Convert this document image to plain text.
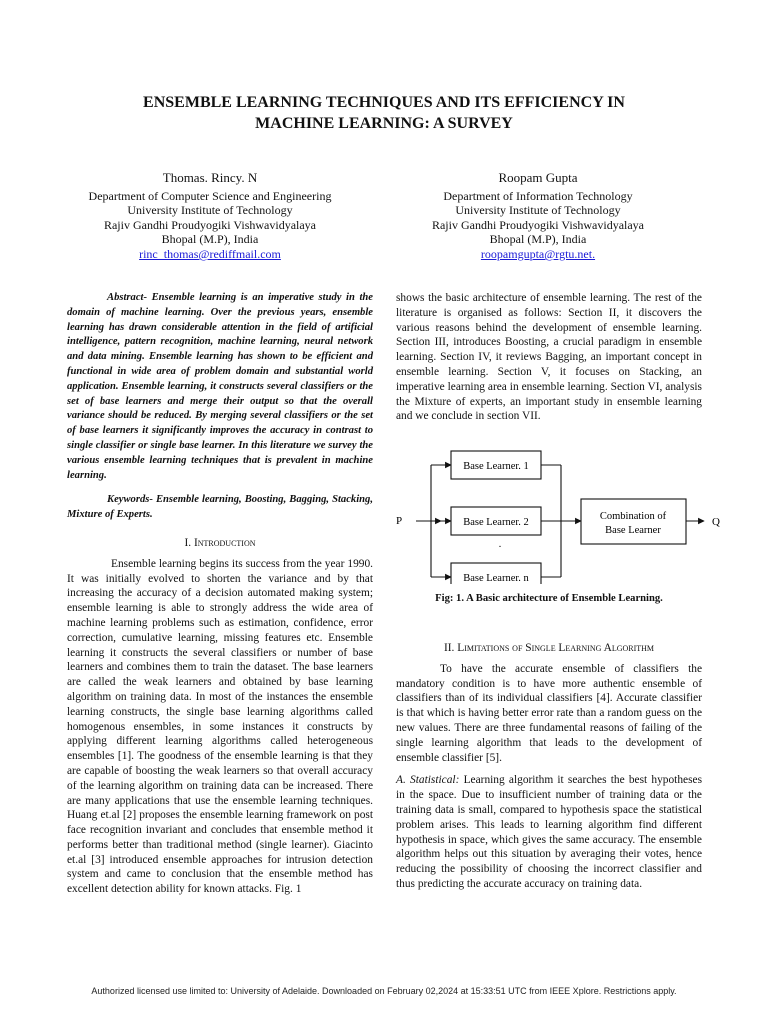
ENSEMBLE LEARNING TECHNIQUES AND ITS EFFICIENCY IN
MACHINE LEARNING: A SURVEY
Thomas. Rincy. N
Department of Computer Science and Engineering
University Institute of Technology
Rajiv Gandhi Proudyogiki Vishwavidyalaya
Bhopal (M.P), India
rinc_thomas@rediffmail.com
Roopam Gupta
Department of Information Technology
University Institute of Technology
Rajiv Gandhi Proudyogiki Vishwavidyalaya
Bhopal (M.P), India
roopamgupta@rgtu.net.

Abstract- Ensemble learning is an imperative study in the domain of machine learning. Over the previous years, ensemble learning has drawn considerable attention in the field of artificial intelligence, pattern recognition, machine learning, neural network and data mining. Ensemble learning has shown to be efficient and functional in wide area of problem domain and substantial world application. Ensemble learning, it constructs several classifiers or the set of base learners and merge their output so that the overall variance should be reduced. By merging several classifiers or the set of base learners it significantly improves the accuracy in contrast to single classifier or single base learner. In this literature we survey the various ensemble learning techniques that is prevalent in machine learning.

Keywords- Ensemble learning, Boosting, Bagging, Stacking, Mixture of Experts.

I. Introduction

Ensemble learning begins its success from the year 1990. It was initially evolved to shorten the variance and by that increasing the accuracy of a decision automated making system; ensemble learning is able to strongly address the wide area of machine learning problems such as estimation, confidence, error correction, cumulative learning, missing features etc. Ensemble learning it constructs the several classifiers or number of base learners and combines them to train the dataset. The base learners are called the weak learners and obtained by base learning algorithm on training data. In most of the instances the ensemble learning constructs, the single base learning algorithms called homogenous ensembles, in some instances it constructs by applying different learning algorithms called heterogeneous ensembles [1]. The goodness of the ensemble learning is that they are capable of boosting the weak learners so that overall accuracy of the learning algorithm on training data can be increased. There are many applications that use the ensemble learning techniques. Huang et.al [2] proposes the ensemble learning framework on post face recognition invariant and concludes that ensemble method it performs better than traditional method (single learner). Giacinto et.al [3] introduced ensemble approaches for intrusion detection system and came to conclusion that the ensemble method has excellent detection ability for known attacks. Fig. 1

shows the basic architecture of ensemble learning. The rest of the literature is organised as follows: Section II, it discovers the various reasons behind the development of ensemble learning. Section III, introduces Boosting, a crucial paradigm in ensemble learning. Section IV, it reviews Bagging, an important concept in ensemble learning. Section V, it focuses on Stacking, an imperative learning area in ensemble learning. Section VI, analysis the Mixture of experts, an important study in ensemble learning and we conclude in section VII.

P
Base Learner. 1
Base Learner. 2
.
Base Learner. n
Combination of
Base Learner
Q

Fig: 1. A Basic architecture of Ensemble Learning.

II. Limitations of Single Learning Algorithm

To have the accurate ensemble of classifiers the mandatory condition is to have more authentic ensemble of classifiers than of its individual classifiers [4]. Accurate classifier is that which is having better error rate than a random guess on the new values. There are three fundamental reasons of failing of the single learning algorithm that leads to the development of ensemble classifier [5].

A. Statistical: Learning algorithm it searches the best hypotheses in the space. Due to insufficient number of training data or the training data is small, compared to hypothesis space the statistical problem arises. This leads to learning algorithm find different hypothesis in space, which gives the same accuracy. The ensemble algorithm helps out this situation by averaging their votes, hence reducing the possibility of choosing the incorrect classifier and thus predicting the accurate accuracy on training data.

Authorized licensed use limited to: University of Adelaide. Downloaded on February 02,2024 at 15:33:51 UTC from IEEE Xplore. Restrictions apply.
